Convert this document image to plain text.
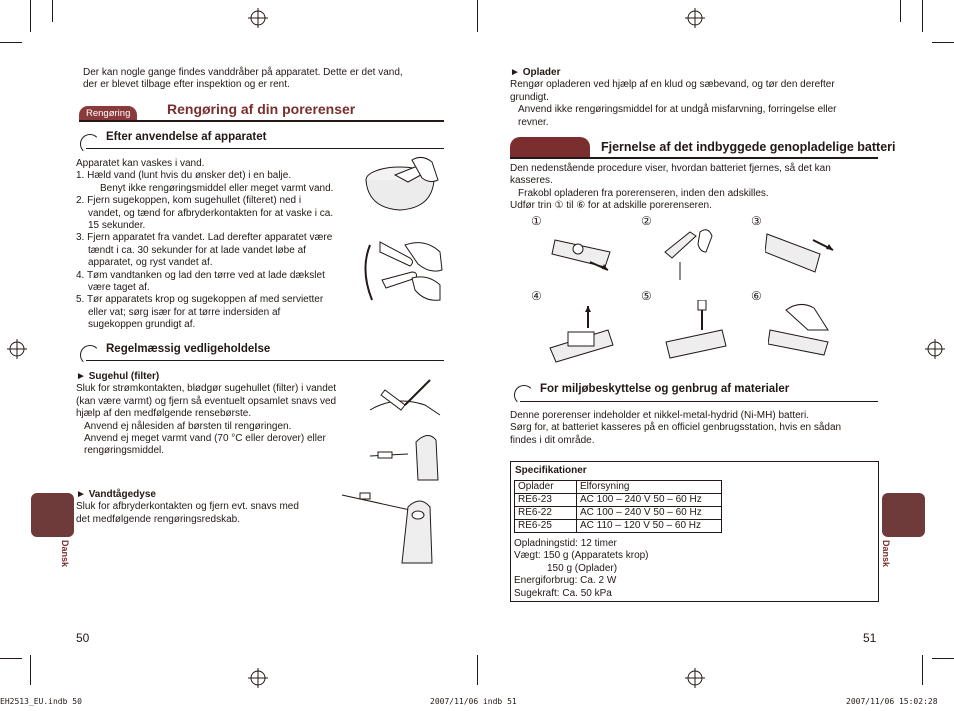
Der kan nogle gange findes vanddråber på apparatet. Dette er det vand,
der er blevet tilbage efter inspektion og er rent.
Rengøring	Rengøring af din porerenser
Efter anvendelse af apparatet
Apparatet kan vaskes i vand.
1. Hæld vand (lunt hvis du ønsker det) i en balje.
Benyt ikke rengøringsmiddel eller meget varmt vand.
2. Fjern sugekoppen, kom sugehullet (filteret) ned i
vandet, og tænd for afbryderkontakten for at vaske i ca.
15 sekunder.
3. Fjern apparatet fra vandet. Lad derefter apparatet være
tændt i ca. 30 sekunder for at lade vandet løbe af
apparatet, og ryst vandet af.
4. Tøm vandtanken og lad den tørre ved at lade dækslet
være taget af.
5. Tør apparatets krop og sugekoppen af med servietter
eller vat; sørg især for at tørre indersiden af
sugekoppen grundigt af.
Regelmæssig vedligeholdelse
► Sugehul (filter)
Sluk for strømkontakten, blødgør sugehullet (filter) i vandet
(kan være varmt) og fjern så eventuelt opsamlet snavs ved
hjælp af den medfølgende rensebørste.
Anvend ej nålesiden af børsten til rengøringen.
Anvend ej meget varmt vand (70 °C eller derover) eller
rengøringsmiddel.
► Vandtågedyse
Sluk for afbryderkontakten og fjern evt. snavs med
det medfølgende rengøringsredskab.
Dansk
50
EH2513_EU.indb 50	2007/11/06 indb 51
► Oplader
Rengør opladeren ved hjælp af en klud og sæbevand, og tør den derefter
grundigt.
Anvend ikke rengøringsmiddel for at undgå misfarvning, forringelse eller
revner.
Fjernelse af det indbyggede genopladelige batteri
Den nedenstående procedure viser, hvordan batteriet fjernes, så det kan
kasseres.
Frakobl opladeren fra porerenseren, inden den adskilles.
Udfør trin ① til ⑥ for at adskille porerenseren.
①	②	③
④	⑤	⑥
For miljøbeskyttelse og genbrug af materialer
Denne porerenser indeholder et nikkel-metal-hydrid (Ni-MH) batteri.
Sørg for, at batteriet kasseres på en officiel genbrugsstation, hvis en sådan
findes i dit område.
Specifikationer
Oplader	Elforsyning
RE6-23	AC 100 – 240 V 50 – 60 Hz
RE6-22	AC 100 – 240 V 50 – 60 Hz
RE6-25	AC 110 – 120 V 50 – 60 Hz
Opladningstid: 12 timer
Vægt: 150 g (Apparatets krop)
150 g (Oplader)
Energiforbrug: Ca. 2 W
Sugekraft: Ca. 50 kPa
Dansk
51
2007/11/06 15:02:28
